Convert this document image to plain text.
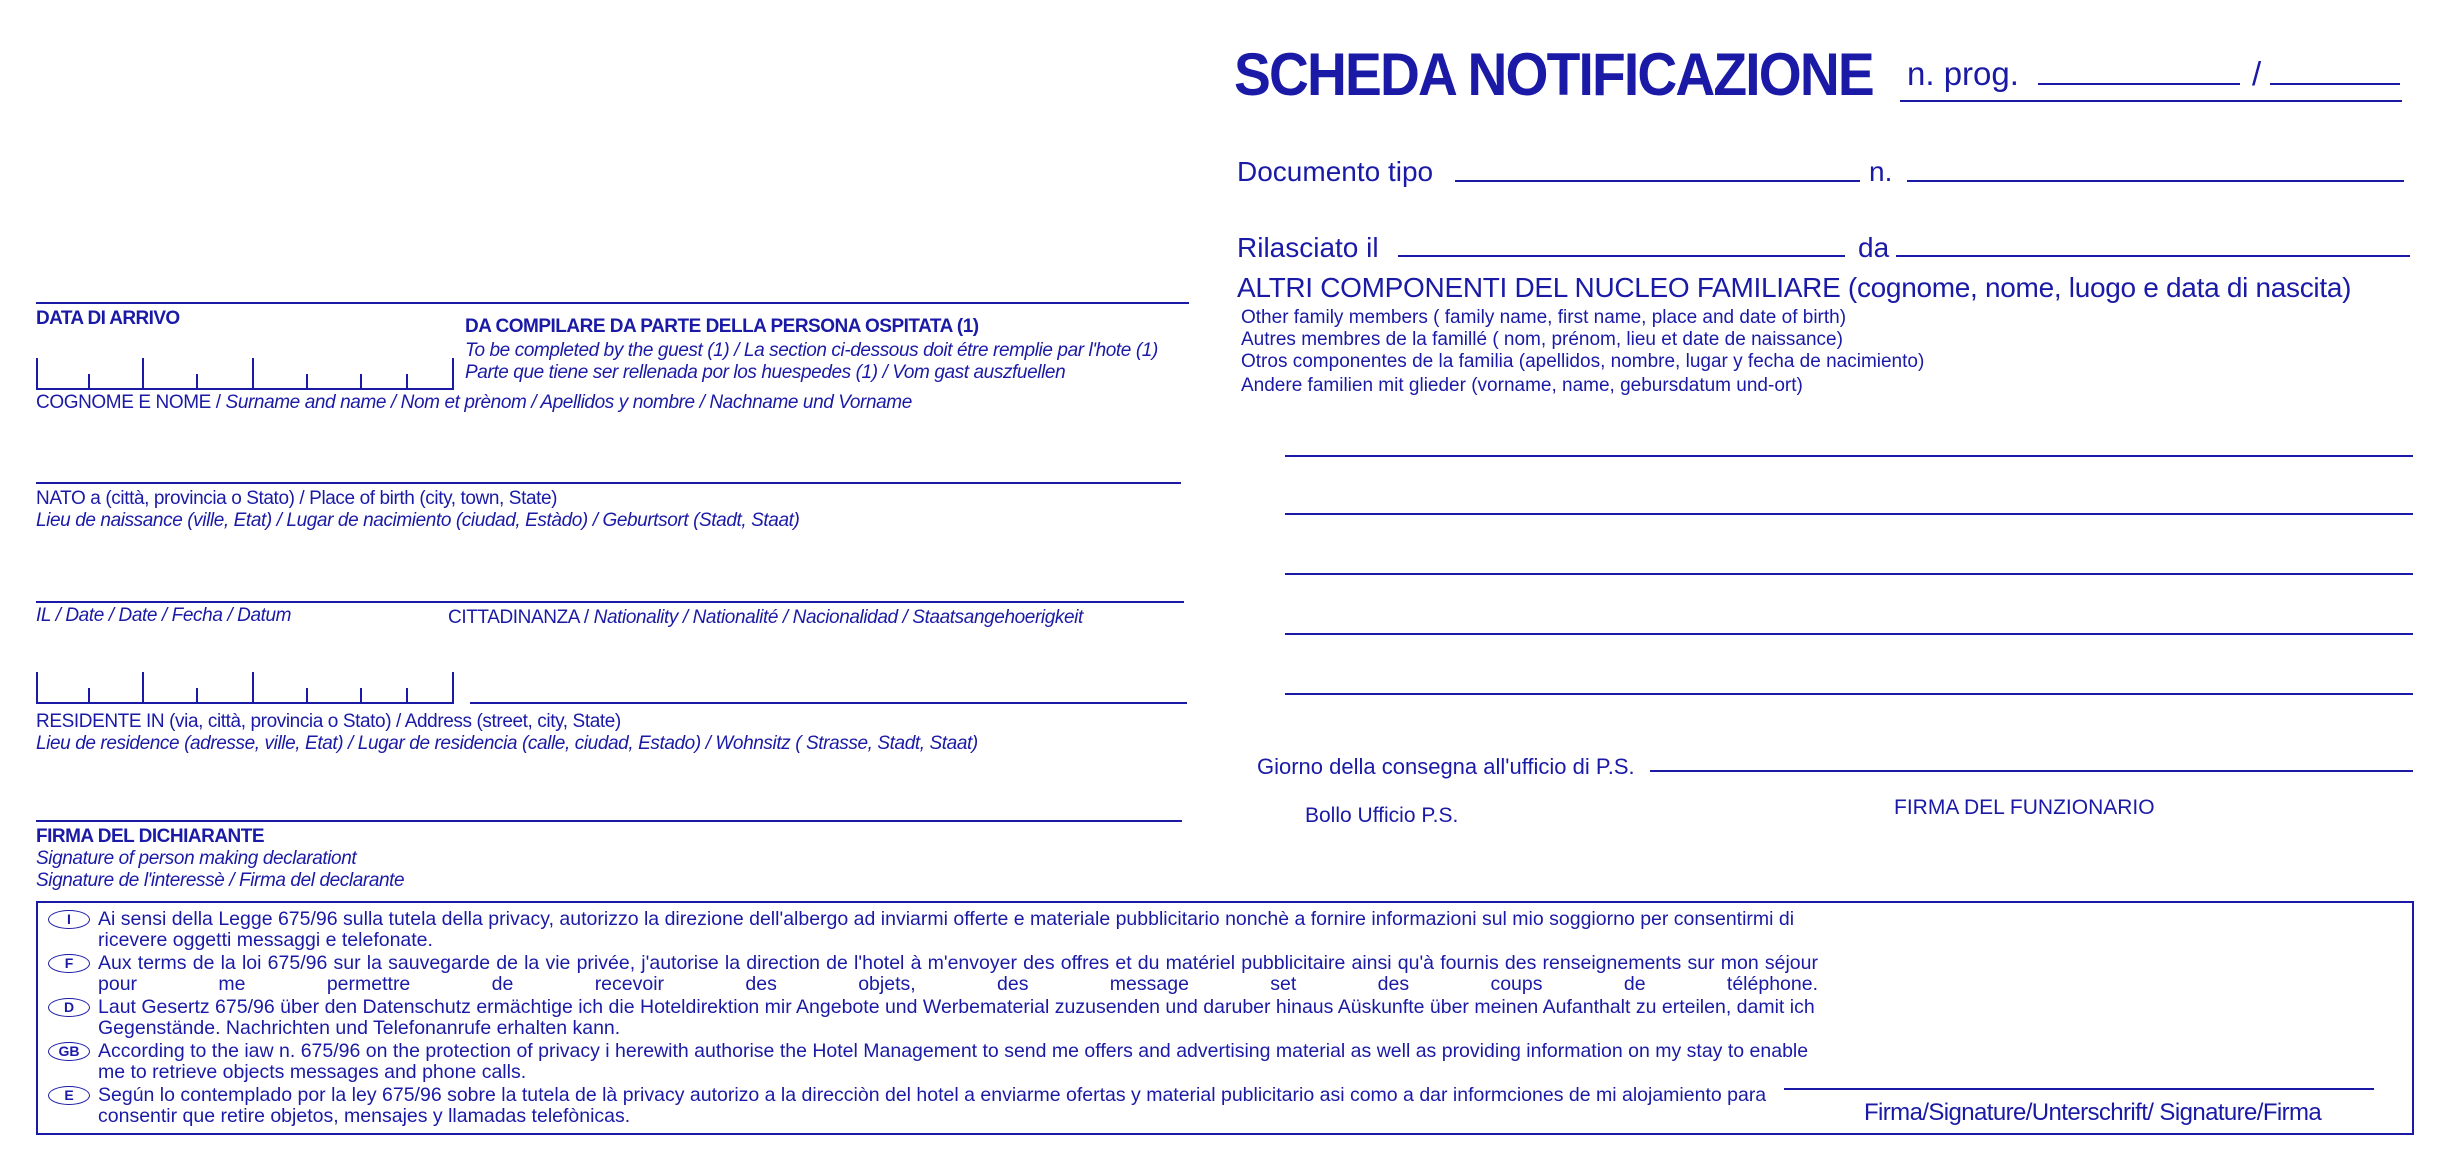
SCHEDA NOTIFICAZIONE n. prog.	/
Documento tipo	n.
Rilasciato il	da
ALTRI COMPONENTI DEL NUCLEO FAMILIARE (cognome, nome, luogo e data di nascita)
Other family members ( family name, first name, place and date of birth)
Autres membres de la famillé ( nom, prénom, lieu et date de naissance)
Otros componentes de la familia (apellidos, nombre, lugar y fecha de nacimiento)
Andere familien mit glieder (vorname, name, gebursdatum und-ort)
Giorno della consegna all'ufficio di P.S.
Bollo Ufficio P.S.	FIRMA DEL FUNZIONARIO
DATA DI ARRIVO	DA COMPILARE DA PARTE DELLA PERSONA OSPITATA (1)
To be completed by the guest (1) / La section ci-dessous doit étre remplie par l'hote (1)
Parte que tiene ser rellenada por los huespedes (1) / Vom gast auszfuellen
COGNOME E NOME / Surname and name / Nom et prènom / Apellidos y nombre / Nachname und Vorname
NATO a (città, provincia o Stato) / Place of birth (city, town, State)
Lieu de naissance (ville, Etat) / Lugar de nacimiento (ciudad, Estàdo) / Geburtsort (Stadt, Staat)
IL / Date / Date / Fecha / Datum	CITTADINANZA / Nationality / Nationalité / Nacionalidad / Staatsangehoerigkeit
RESIDENTE IN (via, città, provincia o Stato) / Address (street, city, State)
Lieu de residence (adresse, ville, Etat) / Lugar de residencia (calle, ciudad, Estado) / Wohnsitz ( Strasse, Stadt, Staat)
FIRMA DEL DICHIARANTE
Signature of person making declarationt
Signature de l'interessè / Firma del declarante
I	Ai sensi della Legge 675/96 sulla tutela della privacy, autorizzo la direzione dell'albergo ad inviarmi offerte e materiale pubblicitario nonchè a fornire informazioni sul mio soggiorno per consentirmi di ricevere oggetti messaggi e telefonate.
F	Aux terms de la loi 675/96 sur la sauvegarde de la vie privée, j'autorise la direction de l'hotel à m'envoyer des offres et du matériel pubblicitaire ainsi qu'à fournis des renseignements sur mon séjour pour me permettre de recevoir des objets, des message set des coups de téléphone.
D	Laut Gesertz 675/96 über den Datenschutz ermächtige ich die Hoteldirektion mir Angebote und Werbematerial zuzusenden und daruber hinaus Aüskunfte über meinen Aufanthalt zu erteilen, damit ich Gegenstände. Nachrichten und Telefonanrufe erhalten kann.
GB According to the iaw n. 675/96 on the protection of privacy i herewith authorise the Hotel Management to send me offers and advertising material as well as providing information on my stay to enable me to retrieve objects messages and phone calls.
E	Según lo contemplado por la ley 675/96 sobre la tutela de là privacy autorizo a la direcciòn del hotel a enviarme ofertas y material publicitario asi como a dar informciones de mi alojamiento para consentir que retire objetos, mensajes y llamadas telefònicas.	Firma/Signature/Unterschrift/ Signature/Firma
